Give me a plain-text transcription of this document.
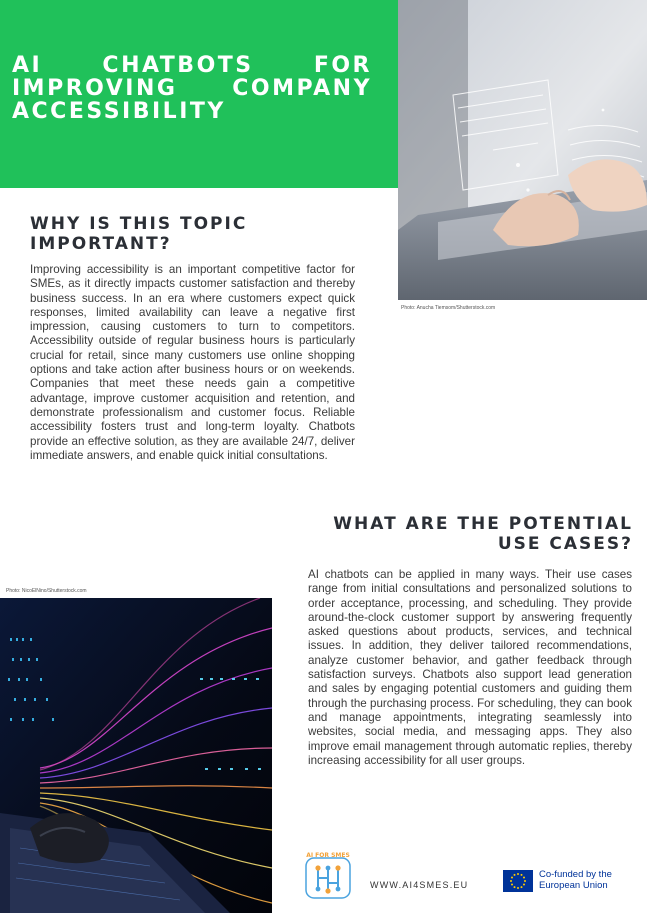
AI CHATBOTS FOR IMPROVING COMPANY ACCESSIBILITY
Photo: Anucha Tiemsom/Shutterstock.com
WHY IS THIS TOPIC IMPORTANT?

Improving accessibility is an important competitive factor for SMEs, as it directly impacts customer satisfaction and thereby business success. In an era where customers expect quick responses, limited availability can leave a negative first impression, causing customers to turn to competitors. Accessibility outside of regular business hours is particularly crucial for retail, since many customers use online shopping options and take action after business hours or on weekends. Companies that meet these needs gain a competitive advantage, improve customer acquisition and retention, and demonstrate professionalism and customer focus. Reliable accessibility fosters trust and long-term loyalty. Chatbots provide an effective solution, as they are available 24/7, deliver immediate answers, and enable quick initial consultations.

WHAT ARE THE POTENTIAL USE CASES?

AI chatbots can be applied in many ways. Their use cases range from initial consultations and personalized solutions to order acceptance, processing, and scheduling. They provide around-the-clock customer support by answering frequently asked questions about products, services, and technical issues. In addition, they deliver tailored recommendations, analyze customer behavior, and gather feedback through satisfaction surveys. Chatbots also support lead generation and sales by engaging potential customers and guiding them through the purchasing process. For scheduling, they can book and manage appointments, integrating seamlessly into websites, social media, and messaging apps. They also improve email management through automatic replies, thereby increasing accessibility for all user groups.

Photo: NicoElNino/Shutterstock.com
AI FOR SMES
WWW.AI4SMES.EU
Co-funded by the
European Union
